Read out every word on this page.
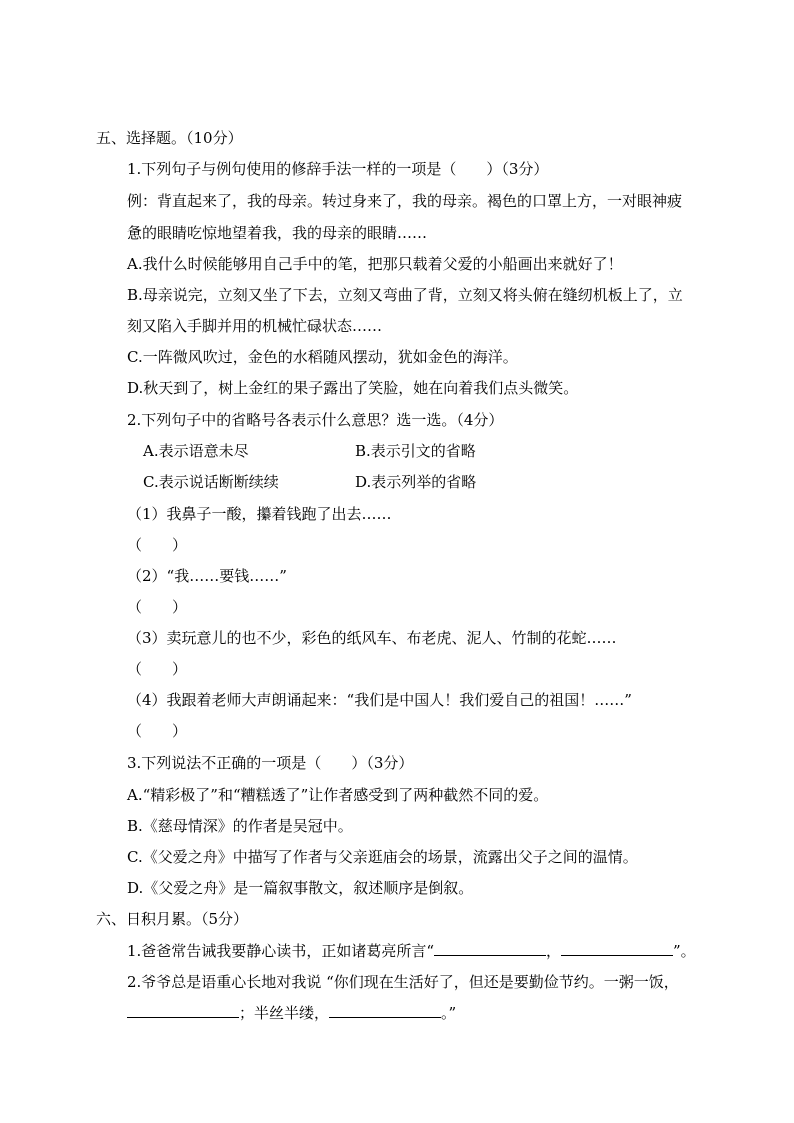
五、选择题。（10分）
1.下列句子与例句使用的修辞手法一样的一项是（　　）（3分）
例：背直起来了，我的母亲。转过身来了，我的母亲。褐色的口罩上方，一对眼神疲
惫的眼睛吃惊地望着我，我的母亲的眼睛……
A.我什么时候能够用自己手中的笔，把那只载着父爱的小船画出来就好了！
B.母亲说完，立刻又坐了下去，立刻又弯曲了背，立刻又将头俯在缝纫机板上了，立
刻又陷入手脚并用的机械忙碌状态……
C.一阵微风吹过，金色的水稻随风摆动，犹如金色的海洋。
D.秋天到了，树上金红的果子露出了笑脸，她在向着我们点头微笑。
2.下列句子中的省略号各表示什么意思？选一选。（4分）
A.表示语意未尽	B.表示引文的省略
C.表示说话断断续续	D.表示列举的省略
（1）我鼻子一酸，攥着钱跑了出去……
（　　）
（2）“我……要钱……”
（　　）
（3）卖玩意儿的也不少，彩色的纸风车、布老虎、泥人、竹制的花蛇……
（　　）
（4）我跟着老师大声朗诵起来：“我们是中国人！我们爱自己的祖国！……”
（　　）
3.下列说法不正确的一项是（　　）（3分）
A.“精彩极了”和“糟糕透了”让作者感受到了两种截然不同的爱。
B.《慈母情深》的作者是吴冠中。
C.《父爱之舟》中描写了作者与父亲逛庙会的场景，流露出父子之间的温情。
D.《父爱之舟》是一篇叙事散文，叙述顺序是倒叙。
六、日积月累。（5分）
1.爸爸常告诫我要静心读书，正如诸葛亮所言“	，	”。
2.爷爷总是语重心长地对我说 “你们现在生活好了，但还是要勤俭节约。一粥一饭，
；半丝半缕，	。”
